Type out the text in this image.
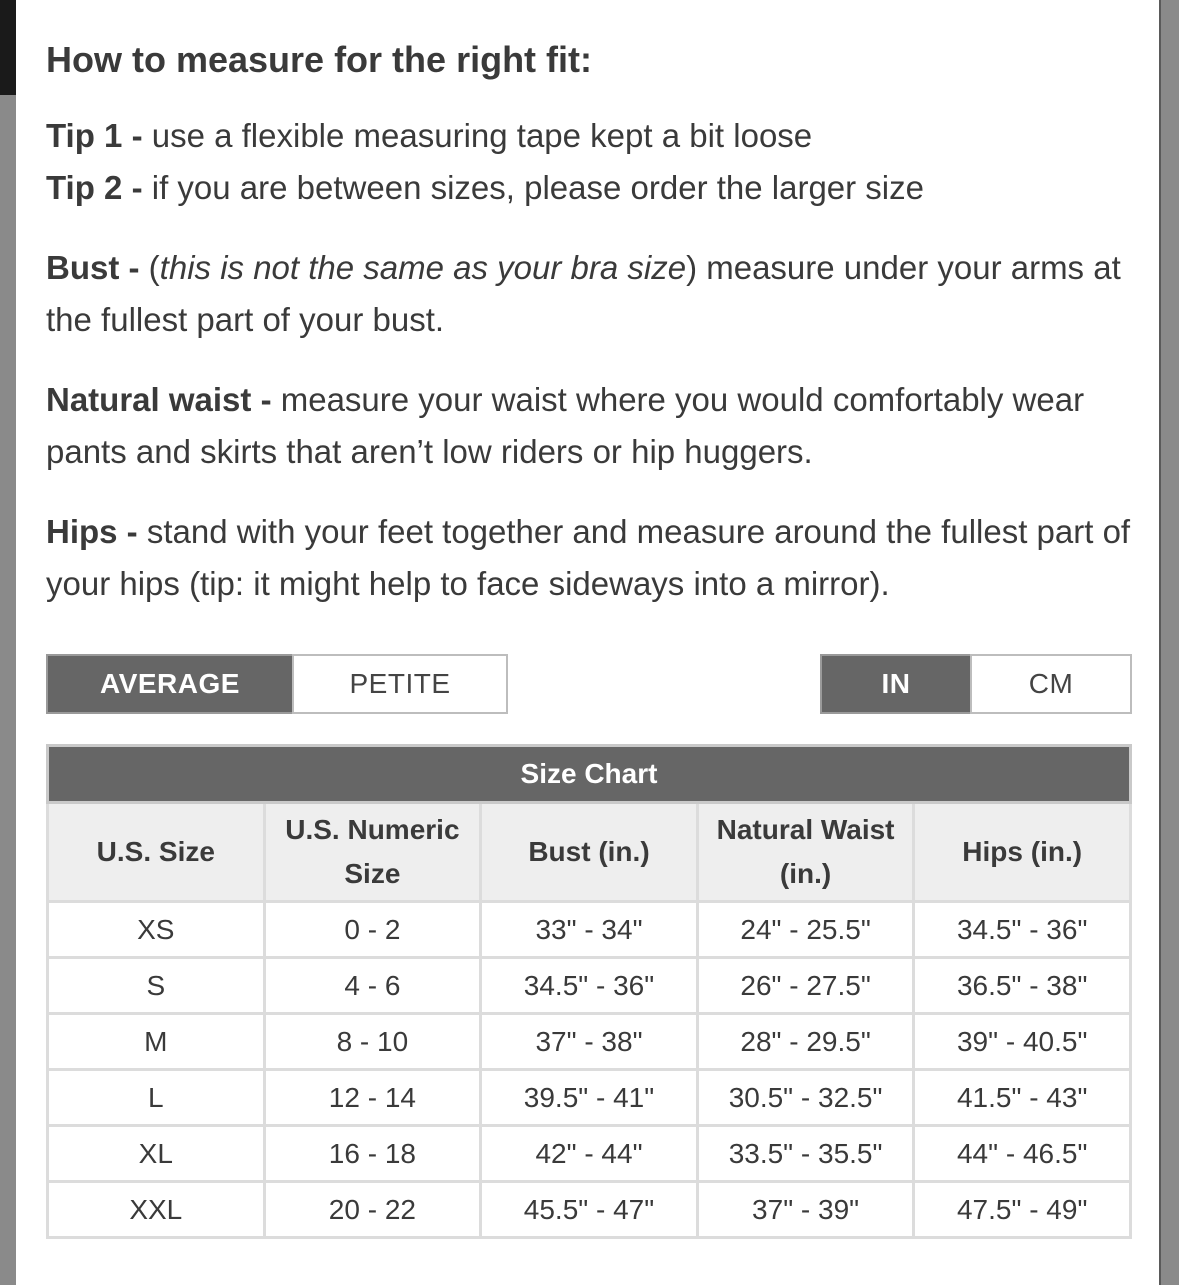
How to measure for the right fit:
Tip 1 - use a flexible measuring tape kept a bit loose
Tip 2 - if you are between sizes, please order the larger size
Bust - (this is not the same as your bra size) measure under your arms at the fullest part of your bust.
Natural waist - measure your waist where you would comfortably wear pants and skirts that aren’t low riders or hip huggers.
Hips - stand with your feet together and measure around the fullest part of your hips (tip: it might help to face sideways into a mirror).
AVERAGE	PETITE	IN	CM
Size Chart				
U.S. Size	U.S. Numeric Size	Bust (in.)	Natural Waist (in.)	Hips (in.)
XS	0 - 2	33" - 34"	24" - 25.5"	34.5" - 36"
S	4 - 6	34.5" - 36"	26" - 27.5"	36.5" - 38"
M	8 - 10	37" - 38"	28" - 29.5"	39" - 40.5"
L	12 - 14	39.5" - 41"	30.5" - 32.5"	41.5" - 43"
XL	16 - 18	42" - 44"	33.5" - 35.5"	44" - 46.5"
XXL	20 - 22	45.5" - 47"	37" - 39"	47.5" - 49"
